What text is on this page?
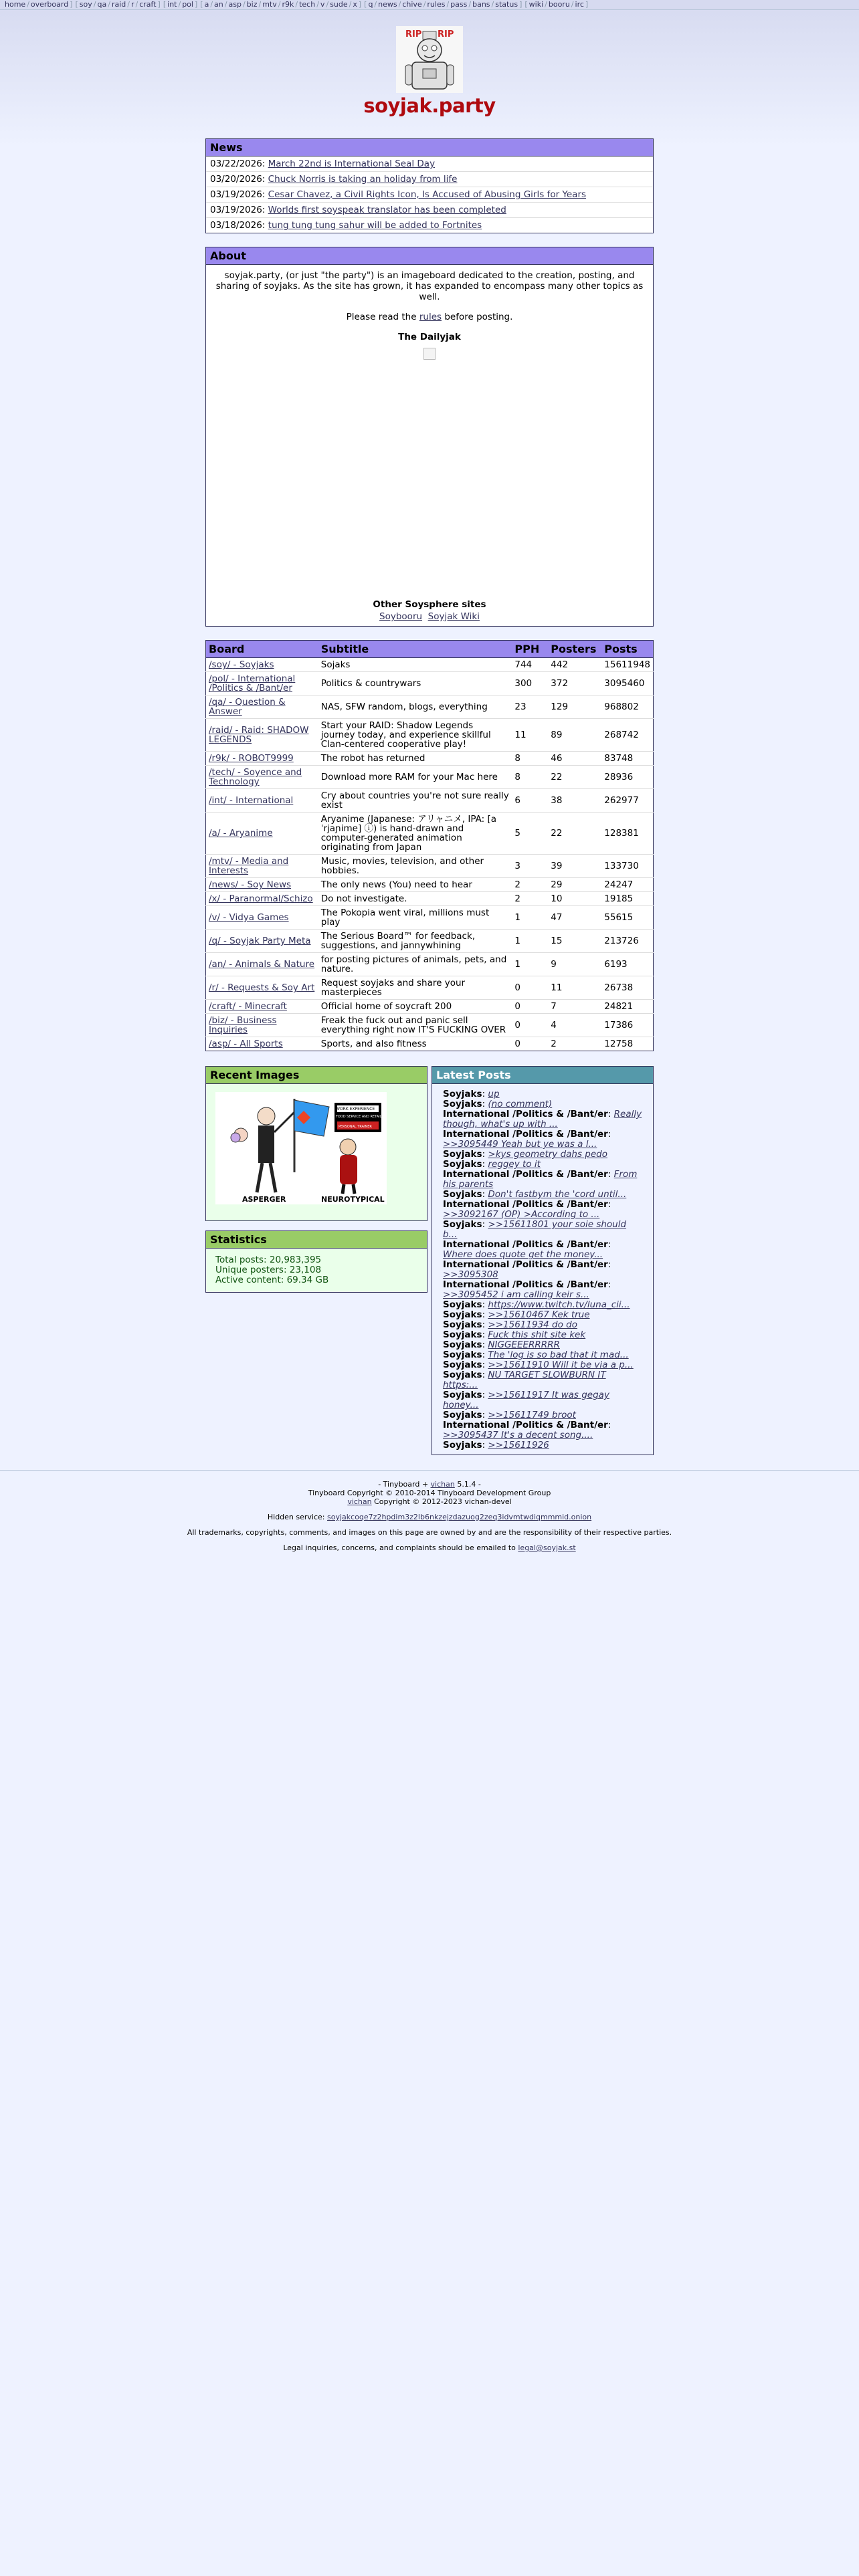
home / overboard ] [ soy / qa / raid / r / craft ] [ int / pol ] [ a / an / asp / biz / mtv / r9k / tech / v / sude / x ] [ q / news / chive / rules / pass / bans / status ] [ wiki / booru / irc ]
RIP RIP
soyjak.party
News
03/22/2026: March 22nd is International Seal Day
03/20/2026: Chuck Norris is taking an holiday from life
03/19/2026: Cesar Chavez, a Civil Rights Icon, Is Accused of Abusing Girls for Years
03/19/2026: Worlds first soyspeak translator has been completed
03/18/2026: tung tung tung sahur will be added to Fortnites
About

soyjak.party, (or just "the party") is an imageboard dedicated to the creation, posting, and sharing of soyjaks. As the site has grown, it has expanded to encompass many other topics as well.

Please read the rules before posting.

The Dailyjak
Other Soysphere sites
Soybooru Soyjak Wiki
Board	Subtitle	PPH	Posters	Posts
/soy/ - Soyjaks	Sojaks	744	442	15611948
/pol/ - International /Politics & /Bant/er	Politics & countrywars	300	372	3095460
/qa/ - Question & Answer	NAS, SFW random, blogs, everything	23	129	968802
/raid/ - Raid: SHADOW LEGENDS	Start your RAID: Shadow Legends journey today, and experience skillful Clan-centered cooperative play!	11	89	268742
/r9k/ - ROBOT9999	The robot has returned	8	46	83748
/tech/ - Soyence and Technology	Download more RAM for your Mac here	8	22	28936
/int/ - International	Cry about countries you're not sure really exist	6	38	262977
/a/ - Aryanime	Aryanime (Japanese: アリャニメ, IPA: [aˈrjaɲime] ⓘ) is hand-drawn and computer-generated animation originating from Japan	5	22	128381
/mtv/ - Media and Interests	Music, movies, television, and other hobbies.	3	39	133730
/news/ - Soy News	The only news (You) need to hear	2	29	24247
/x/ - Paranormal/Schizo	Do not investigate.	2	10	19185
/v/ - Vidya Games	The Pokopia went viral, millions must play	1	47	55615
/q/ - Soyjak Party Meta	The Serious Board™ for feedback, suggestions, and jannywhining	1	15	213726
/an/ - Animals & Nature	for posting pictures of animals, pets, and nature.	1	9	6193
/r/ - Requests & Soy Art	Request soyjaks and share your masterpieces	0	11	26738
/craft/ - Minecraft	Official home of soycraft 200	0	7	24821
/biz/ - Business Inquiries	Freak the fuck out and panic sell everything right now IT'S FUCKING OVER	0	4	17386
/asp/ - All Sports	Sports, and also fitness	0	2	12758
Recent Images
WORK EXPERIENCE
FOOD SERVICE AND RETAIL
PERSONAL TRAINER
ASPERGER	NEUROTYPICAL
Statistics
Total posts: 20,983,395
Unique posters: 23,108
Active content: 69.34 GB
Latest Posts
Soyjaks: up
Soyjaks: (no comment)
International /Politics & /Bant/er: Really though, what's up with ...
International /Politics & /Bant/er: >>3095449 Yeah but ye was a l...
Soyjaks: >kys geometry dahs pedo
Soyjaks: reggey to it
International /Politics & /Bant/er: From his parents
Soyjaks: Don't fastbym the 'cord until...
International /Politics & /Bant/er: >>3092167 (OP) >According to ...
Soyjaks: >>15611801 your soie should b...
International /Politics & /Bant/er: Where does quote get the money...
International /Politics & /Bant/er: >>3095308
International /Politics & /Bant/er: >>3095452 i am calling keir s...
Soyjaks: https://www.twitch.tv/luna_cii...
Soyjaks: >>15610467 Kek true
Soyjaks: >>15611934 do do
Soyjaks: Fuck this shit site kek
Soyjaks: NIGGEEERRRRR
Soyjaks: The 'log is so bad that it mad...
Soyjaks: >>15611910 Will it be via a p...
Soyjaks: NU TARGET SLOWBURN IT https:...
Soyjaks: >>15611917 It was gegay honey...
Soyjaks: >>15611749 broot
International /Politics & /Bant/er: >>3095437 It's a decent song....
Soyjaks: >>15611926

- Tinyboard + vichan 5.1.4 -
Tinyboard Copyright © 2010-2014 Tinyboard Development Group
vichan Copyright © 2012-2023 vichan-devel

Hidden service: soyjakcoqe7z2hpdim3z2lb6nkzejzdazuog2zeq3idvmtwdiqmmmid.onion

All trademarks, copyrights, comments, and images on this page are owned by and are the responsibility of their respective parties.

Legal inquiries, concerns, and complaints should be emailed to legal@soyjak.st
